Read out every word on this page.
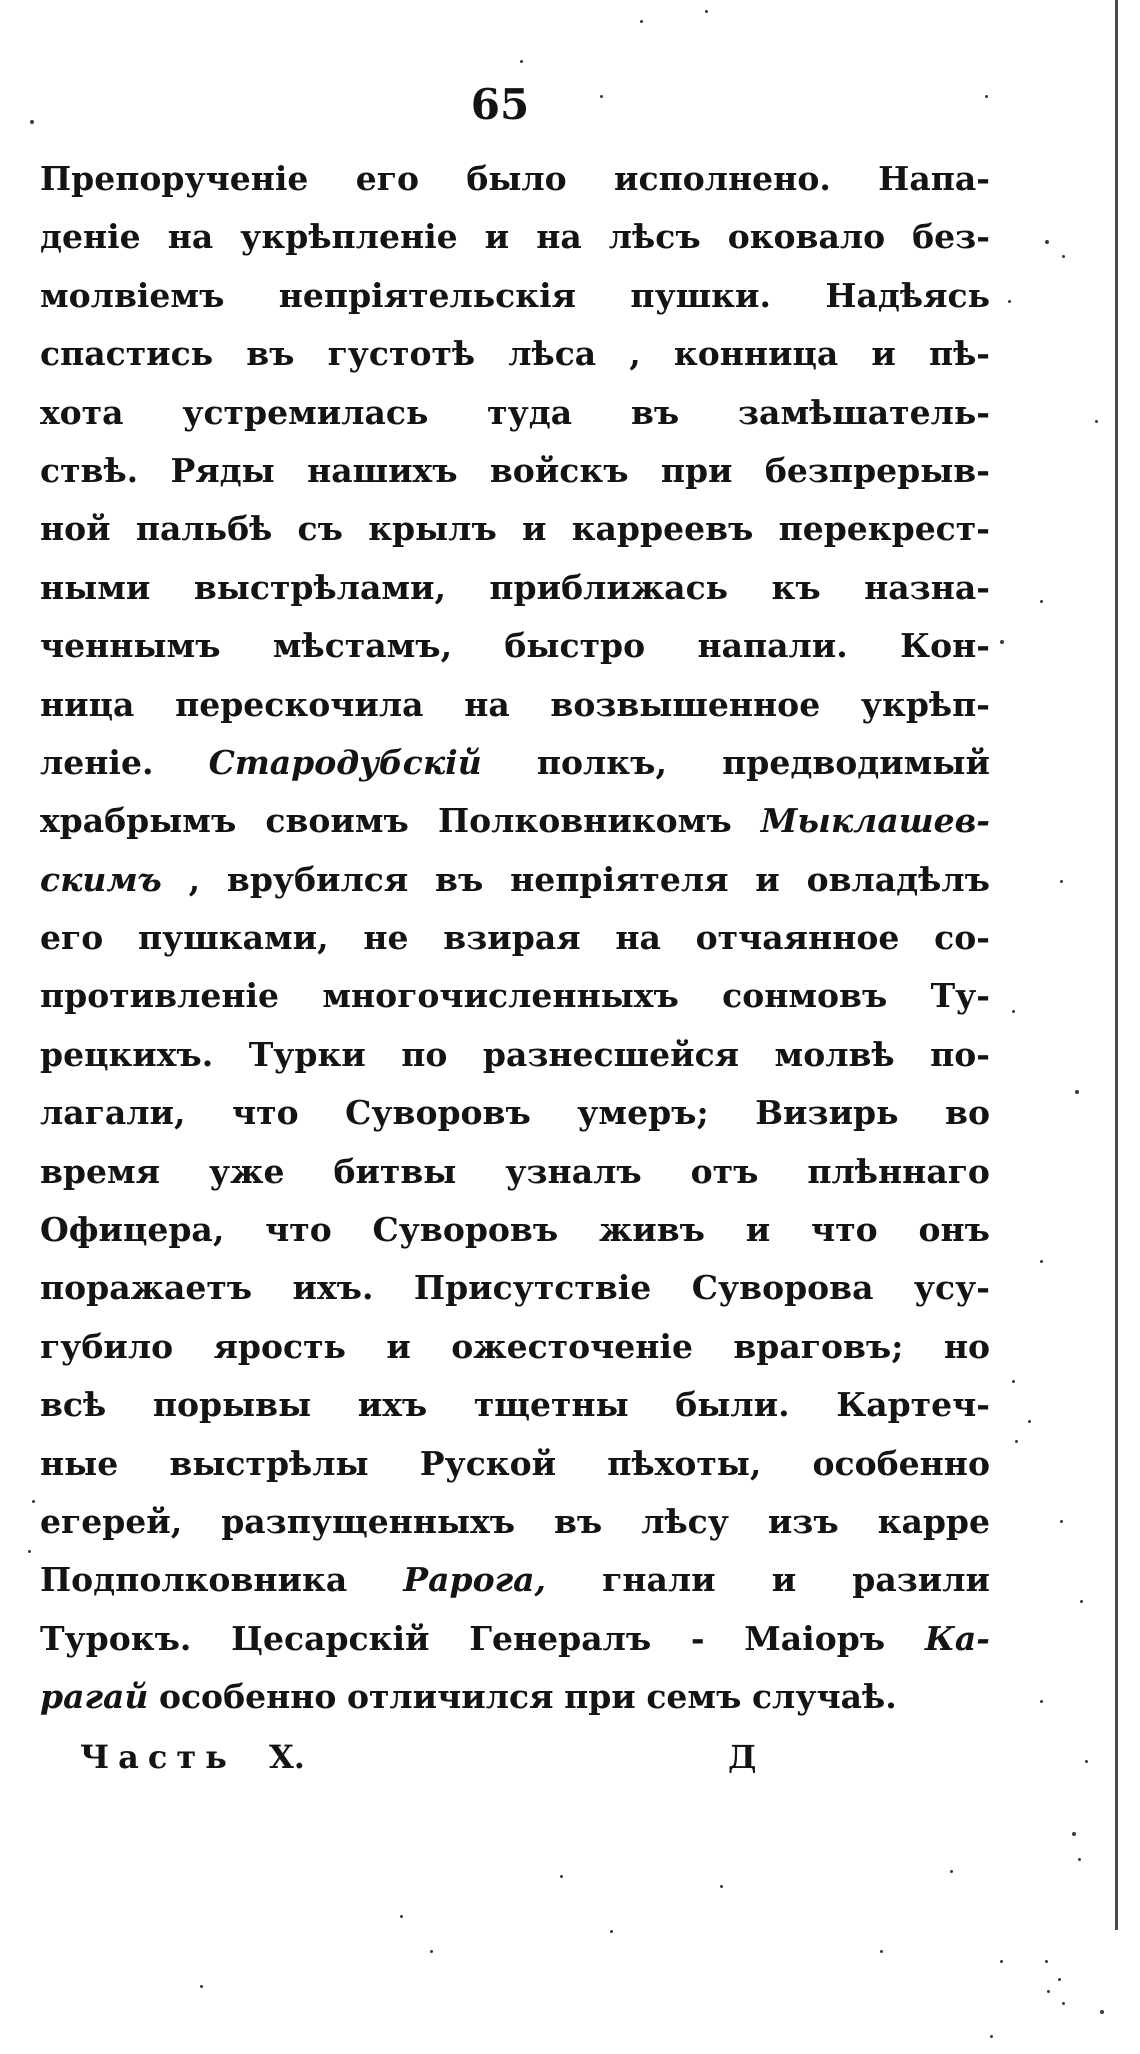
65
Препорученіе его было исполнено. Напа-
деніе на укрѣпленіе и на лѣсъ оковало без-
молвіемъ непріятельскія пушки. Надѣясь
спастись въ густотѣ лѣса , конница и пѣ-
хота устремилась туда въ замѣшатель-
ствѣ. Ряды нашихъ войскъ при безпрерыв-
ной пальбѣ съ крылъ и карреевъ перекрест-
ными выстрѣлами, приближась къ назна-
ченнымъ мѣстамъ, быстро напали. Кон-
ница перескочила на возвышенное укрѣп-
леніе. Стародубскій полкъ, предводимый
храбрымъ своимъ Полковникомъ Мыклашев-
скимъ , врубился въ непріятеля и овладѣлъ
его пушками, не взирая на отчаянное со-
противленіе многочисленныхъ сонмовъ Ту-
рецкихъ. Турки по разнесшейся молвѣ по-
лагали, что Суворовъ умеръ; Визирь во
время уже битвы узналъ отъ плѣннаго
Офицера, что Суворовъ живъ и что онъ
поражаетъ ихъ. Присутствіе Суворова усу-
губило ярость и ожесточеніе враговъ; но
всѣ порывы ихъ тщетны были. Картеч-
ные выстрѣлы Руской пѣхоты, особенно
егерей, разпущенныхъ въ лѣсу изъ карре
Подполковника Рарога, гнали и разили
Турокъ. Цесарскій Генералъ - Маіоръ Ка-
рагай особенно отличился при семъ случаѣ.
Часть X.	Д
